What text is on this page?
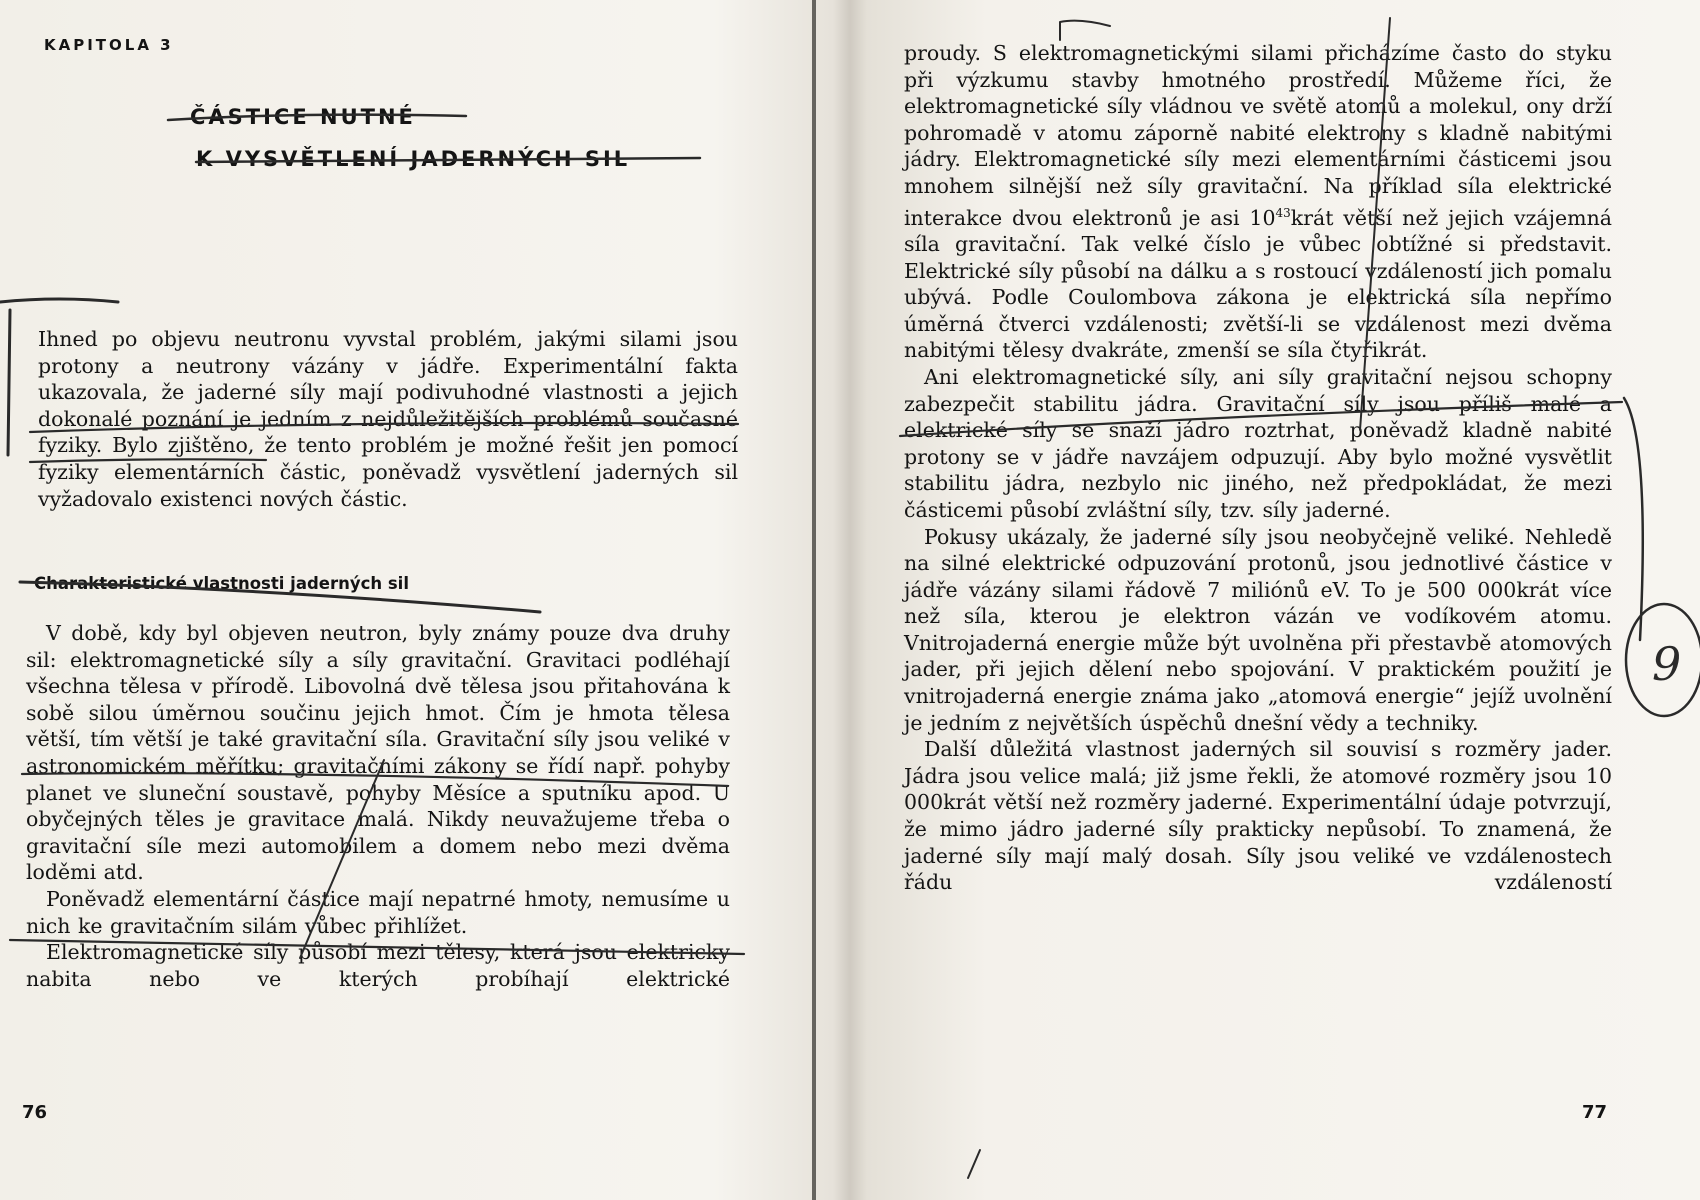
KAPITOLA 3
ČÁSTICE NUTNÉ
K VYSVĚTLENÍ JADERNÝCH SIL

Ihned po objevu neutronu vyvstal problém, jakými silami jsou protony a neutrony vázány v jádře. Experimentální fakta ukazovala, že jaderné síly mají podivuhodné vlastnosti a jejich dokonalé poznání je jedním z nejdůležitějších problémů současné fyziky. Bylo zjištěno, že tento problém je možné řešit jen pomocí fyziky elementárních částic, poněvadž vysvětlení jaderných sil vyžadovalo existenci nových částic.

Charakteristické vlastnosti jaderných sil

V době, kdy byl objeven neutron, byly známy pouze dva druhy sil: elektromagnetické síly a síly gravitační. Gravitaci podléhají všechna tělesa v přírodě. Libovolná dvě tělesa jsou přitahována k sobě silou úměrnou součinu jejich hmot. Čím je hmota tělesa větší, tím větší je také gravitační síla. Gravitační síly jsou veliké v astronomickém měřítku; gravitačními zákony se řídí např. pohyby planet ve sluneční soustavě, pohyby Měsíce a sputníku apod. U obyčejných těles je gravitace malá. Nikdy neuvažujeme třeba o gravitační síle mezi automobilem a domem nebo mezi dvěma loděmi atd.

Poněvadž elementární částice mají nepatrné hmoty, nemusíme u nich ke gravitačním silám vůbec přihlížet.

Elektromagnetické síly působí mezi tělesy, která jsou elektricky nabita nebo ve kterých probíhají elektrické

76

proudy. S elektromagnetickými silami přicházíme často do styku při výzkumu stavby hmotného prostředí. Můžeme říci, že elektromagnetické síly vládnou ve světě atomů a molekul, ony drží pohromadě v atomu záporně nabité elektrony s kladně nabitými jádry. Elektromagnetické síly mezi elementárními částicemi jsou mnohem silnější než síly gravitační. Na příklad síla elektrické interakce dvou elektronů je asi $10^{43}krát$ větší než jejich vzájemná síla gravitační. Tak velké číslo je vůbec obtížné si představit. Elektrické síly působí na dálku a s rostoucí vzdáleností jich pomalu ubývá. Podle Coulombova zákona je elektrická síla nepřímo úměrná čtverci vzdálenosti; zvětší-li se vzdálenost mezi dvěma nabitými tělesy dvakráte, zmenší se síla čtyřikrát.

Ani elektromagnetické síly, ani síly gravitační nejsou schopny zabezpečit stabilitu jádra. Gravitační síly jsou příliš malé a elektrické síly se snaží jádro roztrhat, poněvadž kladně nabité protony se v jádře navzájem odpuzují. Aby bylo možné vysvětlit stabilitu jádra, nezbylo nic jiného, než předpokládat, že mezi částicemi působí zvláštní síly, tzv. síly jaderné.

Pokusy ukázaly, že jaderné síly jsou neobyčejně veliké. Nehledě na silné elektrické odpuzování protonů, jsou jednotlivé částice v jádře vázány silami řádově 7 miliónů eV. To je 500 000krát více než síla, kterou je elektron vázán ve vodíkovém atomu. Vnitrojaderná energie může být uvolněna při přestavbě atomových jader, při jejich dělení nebo spojování. V praktickém použití je vnitrojaderná energie známa jako „atomová energie“ jejíž uvolnění je jedním z největších úspěchů dnešní vědy a techniky.

Další důležitá vlastnost jaderných sil souvisí s rozměry jader. Jádra jsou velice malá; již jsme řekli, že atomové rozměry jsou 10 000krát větší než rozměry jaderné. Experimentální údaje potvrzují, že mimo jádro jaderné síly prakticky nepůsobí. To znamená, že jaderné síly mají malý dosah. Síly jsou veliké ve vzdálenostech řádu vzdáleností

77
9
